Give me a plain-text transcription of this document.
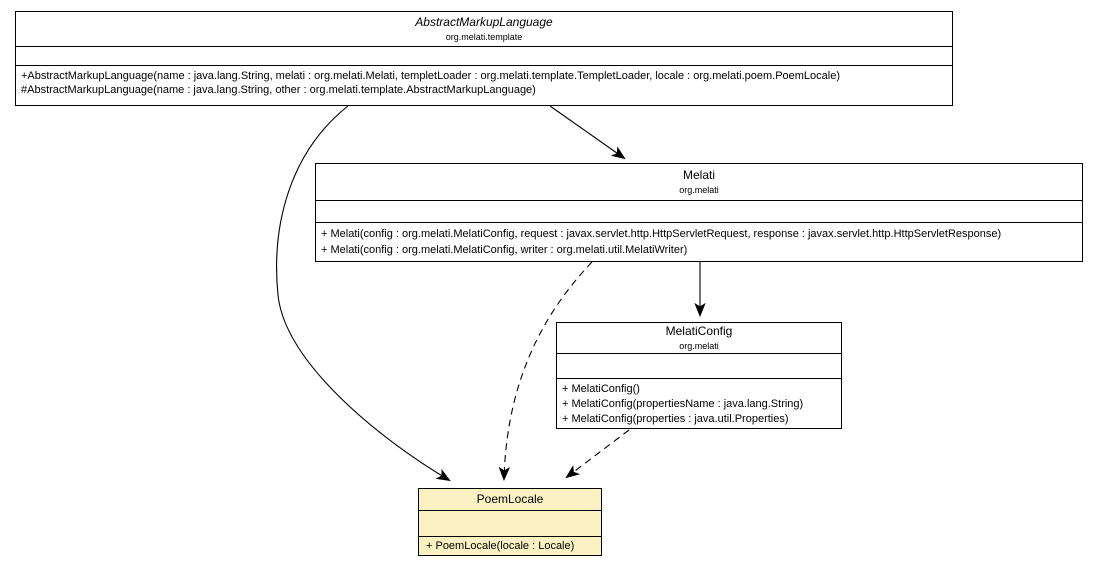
AbstractMarkupLanguage
org.melati.template
+AbstractMarkupLanguage(name : java.lang.String, melati : org.melati.Melati, templetLoader : org.melati.template.TempletLoader, locale : org.melati.poem.PoemLocale)
#AbstractMarkupLanguage(name : java.lang.String, other : org.melati.template.AbstractMarkupLanguage)
Melati
org.melati
+ Melati(config : org.melati.MelatiConfig, request : javax.servlet.http.HttpServletRequest, response : javax.servlet.http.HttpServletResponse)
+ Melati(config : org.melati.MelatiConfig, writer : org.melati.util.MelatiWriter)
MelatiConfig
org.melati
+ MelatiConfig()
+ MelatiConfig(propertiesName : java.lang.String)
+ MelatiConfig(properties : java.util.Properties)
PoemLocale
+ PoemLocale(locale : Locale)
